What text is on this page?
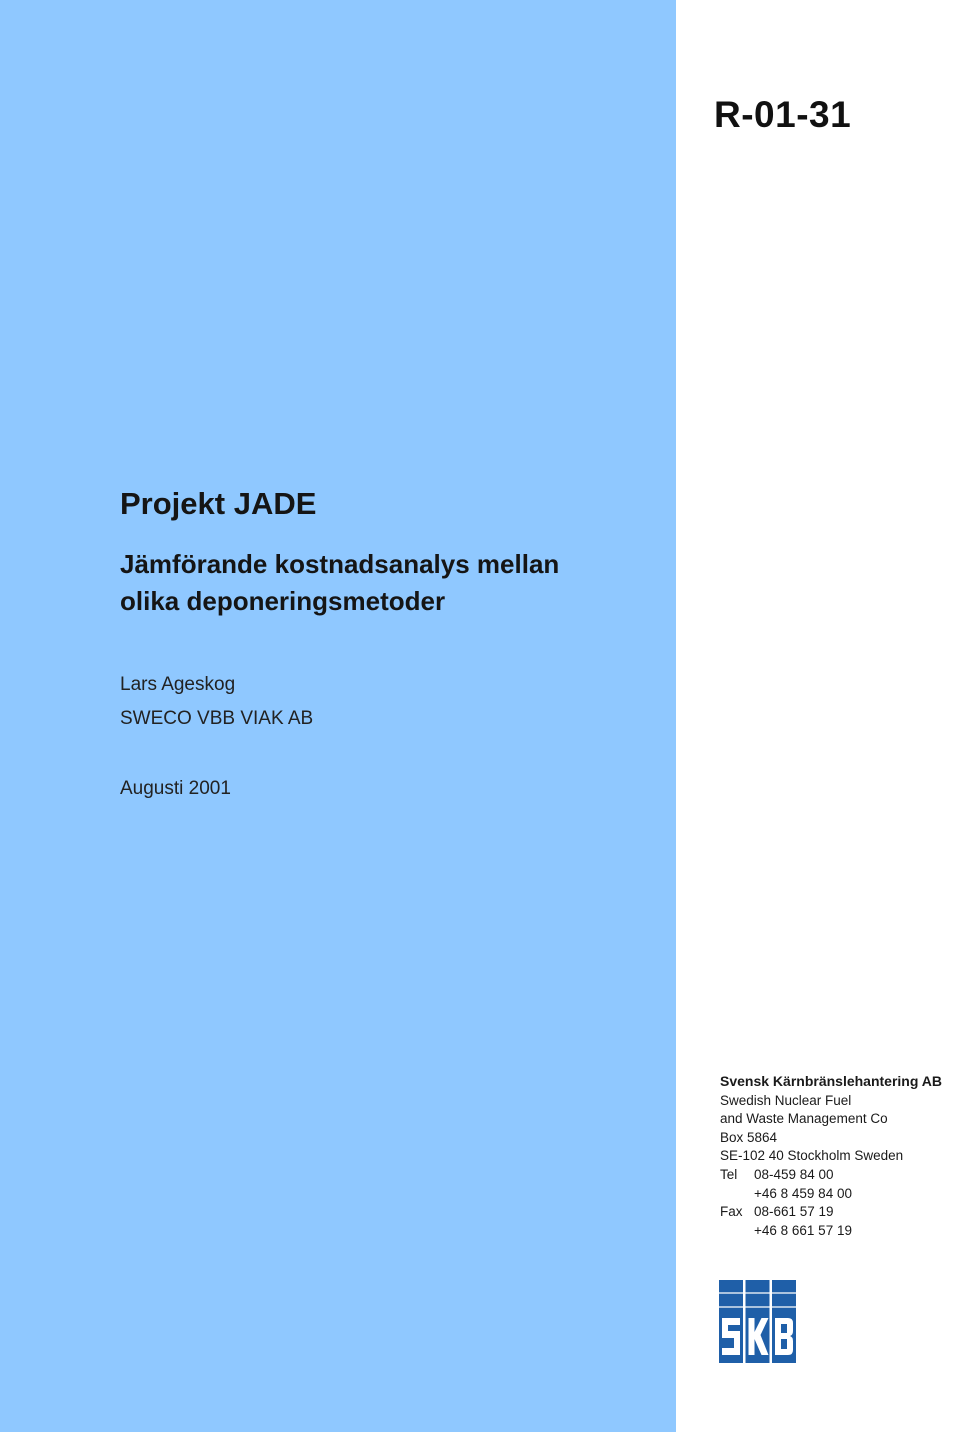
R-01-31
Projekt JADE
Jämförande kostnadsanalys mellan
olika deponeringsmetoder
Lars Ageskog
SWECO VBB VIAK AB
Augusti 2001
Svensk Kärnbränslehantering AB
Swedish Nuclear Fuel
and Waste Management Co
Box 5864
SE-102 40 Stockholm Sweden
Tel	08-459 84 00
+46 8 459 84 00
Fax 08-661 57 19
+46 8 661 57 19
